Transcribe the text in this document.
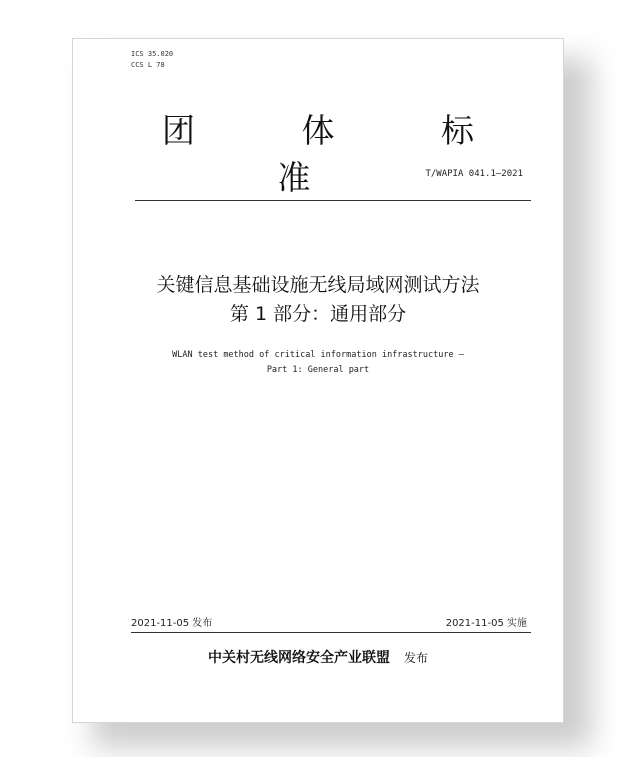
ICS 35.020
CCS L 78
团 体 标 准	T/WAPIA 041.1—2021
关键信息基础设施无线局域网测试方法
第 1 部分：通用部分
WLAN test method of critical information infrastructure —
Part 1: General part
2021-11-05 发布	2021-11-05 实施
中关村无线网络安全产业联盟 发布
